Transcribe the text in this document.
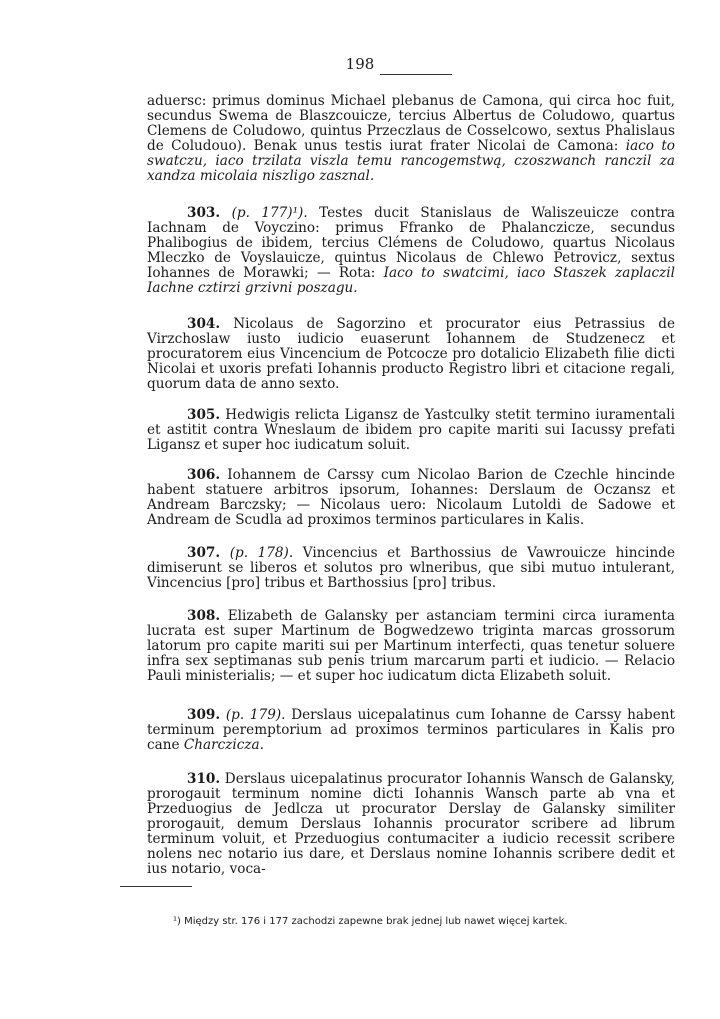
198

aduersc: primus dominus Michael plebanus de Camona, qui circa hoc fuit, secundus Swema de Blaszcouicze, tercius Albertus de Coludowo, quartus Clemens de Coludowo, quintus Przeczlaus de Cosselcowo, sextus Phalislaus de Coludouo). Benak unus testis iurat frater Nicolai de Camona: iaco to swatczu, iaco trzilata viszla temu rancogemstwą, czoszwanch ranczil za xandza micolaia niszligo zasznal.

303. (p. 177)¹). Testes ducit Stanislaus de Waliszeuicze contra Iachnam de Voyczino: primus Ffranko de Phalanczicze, secundus Phalibogius de ibidem, tercius Clémens de Coludowo, quartus Nicolaus Mleczko de Voyslauicze, quintus Nicolaus de Chlewo Petrovicz, sextus Iohannes de Morawki; — Rota: Iaco to swatcimi, iaco Staszek zaplaczil Iachne cztirzi grzivni poszagu.

304. Nicolaus de Sagorzino et procurator eius Petrassius de Virzchoslaw iusto iudicio euaserunt Iohannem de Studzenecz et procuratorem eius Vincencium de Potcocze pro dotalicio Elizabeth filie dicti Nicolai et uxoris prefati Iohannis producto Registro libri et citacione regali, quorum data de anno sexto.

305. Hedwigis relicta Ligansz de Yastculky stetit termino iuramentali et astitit contra Wneslaum de ibidem pro capite mariti sui Iacussy prefati Ligansz et super hoc iudicatum soluit.

306. Iohannem de Carssy cum Nicolao Barion de Czechle hincinde habent statuere arbitros ipsorum, Iohannes: Derslaum de Oczansz et Andream Barczsky; — Nicolaus uero: Nicolaum Lutoldi de Sadowe et Andream de Scudla ad proximos terminos particulares in Kalis.

307. (p. 178). Vincencius et Barthossius de Vawrouicze hincinde dimiserunt se liberos et solutos pro wlneribus, que sibi mutuo intulerant, Vincencius [pro] tribus et Barthossius [pro] tribus.

308. Elizabeth de Galansky per astanciam termini circa iuramenta lucrata est super Martinum de Bogwedzewo triginta marcas grossorum latorum pro capite mariti sui per Martinum interfecti, quas tenetur soluere infra sex septimanas sub penis trium marcarum parti et iudicio. — Relacio Pauli ministerialis; — et super hoc iudicatum dicta Elizabeth soluit.

309. (p. 179). Derslaus uicepalatinus cum Iohanne de Carssy habent terminum peremptorium ad proximos terminos particulares in Kalis pro cane Charczicza.

310. Derslaus uicepalatinus procurator Iohannis Wansch de Galansky, prorogauit terminum nomine dicti Iohannis Wansch parte ab vna et Przeduogius de Jedlcza ut procurator Derslay de Galansky similiter prorogauit, demum Derslaus Iohannis procurator scribere ad librum terminum voluit, et Przeduogius contumaciter a iudicio recessit scribere nolens nec notario ius dare, et Derslaus nomine Iohannis scribere dedit et ius notario, voca-

¹) Między str. 176 i 177 zachodzi zapewne brak jednej lub nawet więcej kartek.
